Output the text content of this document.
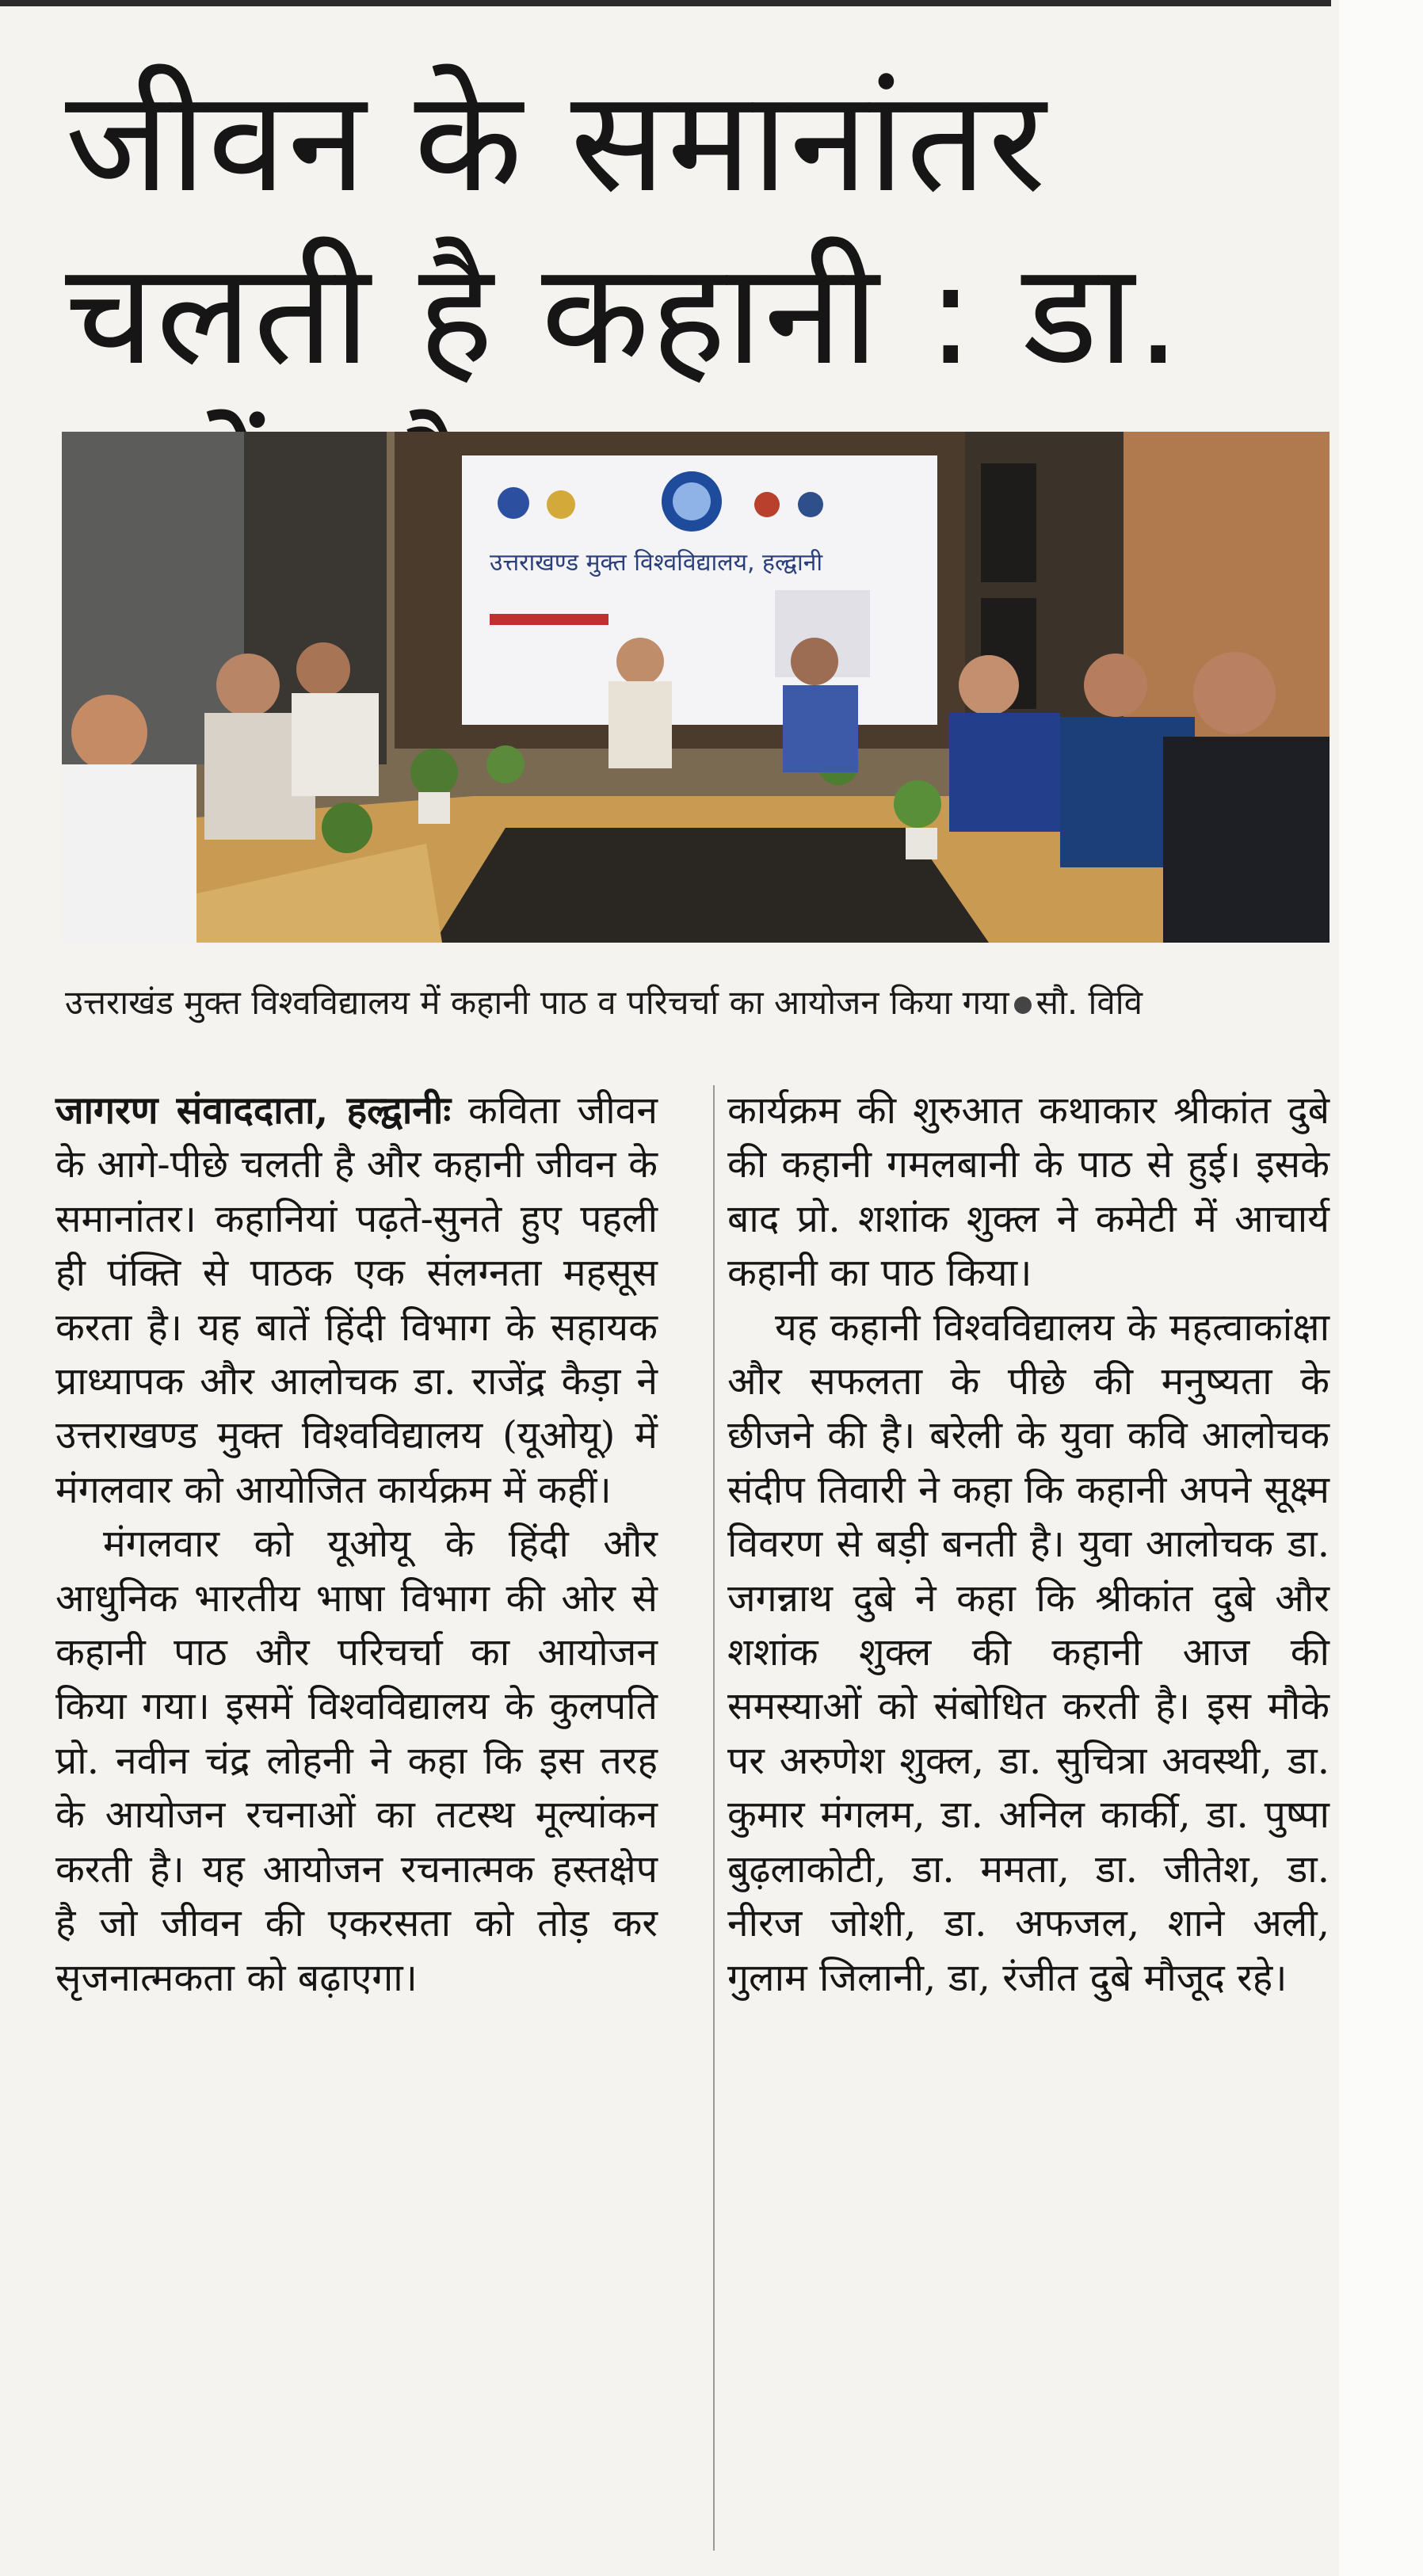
जीवन के समानांतर चलती है कहानी : डा.
उत्तराखण्ड मुक्त विश्वविद्यालय, हल्द्वानी
उत्तराखंड मुक्त विश्वविद्यालय में कहानी पाठ व परिचर्चा का आयोजन किया गया सौ. विवि

जागरण संवाददाता, हल्द्वानीः कविता जीवन के आगे-पीछे चलती है और कहानी जीवन के समानांतर। कहानियां पढ़ते-सुनते हुए पहली ही पंक्ति से पाठक एक संलग्नता महसूस करता है। यह बातें हिंदी विभाग के सहायक प्राध्यापक और आलोचक डा. राजेंद्र कैड़ा ने उत्तराखण्ड मुक्त विश्वविद्यालय (यूओयू) में मंगलवार को आयोजित कार्यक्रम में कहीं।

मंगलवार को यूओयू के हिंदी और आधुनिक भारतीय भाषा विभाग की ओर से कहानी पाठ और परिचर्चा का आयोजन किया गया। इसमें विश्वविद्यालय के कुलपति प्रो. नवीन चंद्र लोहनी ने कहा कि इस तरह के आयोजन रचनाओं का तटस्थ मूल्यांकन करती है। यह आयोजन रचनात्मक हस्तक्षेप है जो जीवन की एकरसता को तोड़ कर सृजनात्मकता को बढ़ाएगा।

कार्यक्रम की शुरुआत कथाकार श्रीकांत दुबे की कहानी गमलबानी के पाठ से हुई। इसके बाद प्रो. शशांक शुक्ल ने कमेटी में आचार्य कहानी का पाठ किया।

यह कहानी विश्वविद्यालय के महत्वाकांक्षा और सफलता के पीछे की मनुष्यता के छीजने की है। बरेली के युवा कवि आलोचक संदीप तिवारी ने कहा कि कहानी अपने सूक्ष्म विवरण से बड़ी बनती है। युवा आलोचक डा. जगन्नाथ दुबे ने कहा कि श्रीकांत दुबे और शशांक शुक्ल की कहानी आज की समस्याओं को संबोधित करती है। इस मौके पर अरुणेश शुक्ल, डा. सुचित्रा अवस्थी, डा. कुमार मंगलम, डा. अनिल कार्की, डा. पुष्पा बुढ़लाकोटी, डा. ममता, डा. जीतेश, डा. नीरज जोशी, डा. अफजल, शाने अली, गुलाम जिलानी, डा, रंजीत दुबे मौजूद रहे।
